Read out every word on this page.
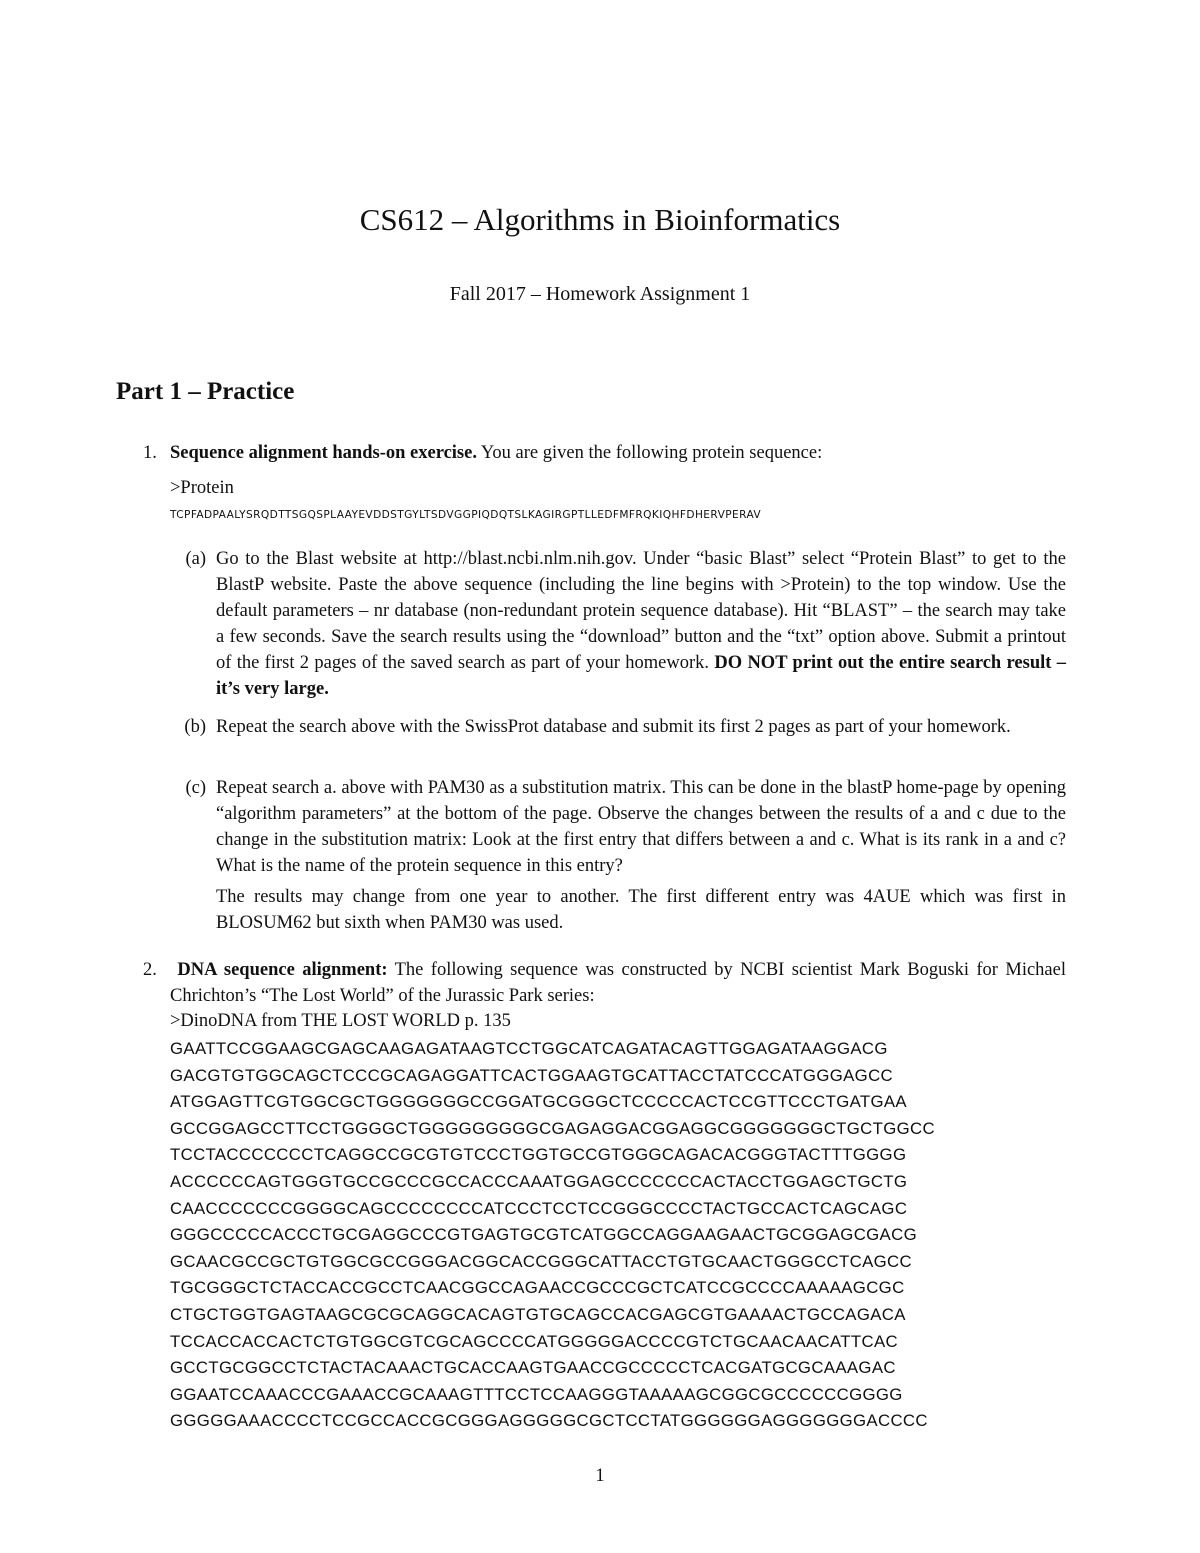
CS612 – Algorithms in Bioinformatics
Fall 2017 – Homework Assignment 1
Part 1 – Practice
1. Sequence alignment hands-on exercise. You are given the following protein sequence:
>Protein
TCPFADPAALYSRQDTTSGQSPLAAYEVDDSTGYLTSDVGGPIQDQTSLKAGIRGPTLLEDFMFRQKIQHFDHERVPERAV
(a) Go to the Blast website at http://blast.ncbi.nlm.nih.gov. Under “basic Blast” select “Protein Blast” to get to the BlastP website. Paste the above sequence (including the line begins with >Protein) to the top window. Use the default parameters – nr database (non-redundant protein sequence database). Hit “BLAST” – the search may take a few seconds. Save the search results using the “download” button and the “txt” option above. Submit a printout of the first 2 pages of the saved search as part of your homework. DO NOT print out the entire search result – it’s very large.
(b) Repeat the search above with the SwissProt database and submit its first 2 pages as part of your homework.
(c) Repeat search a. above with PAM30 as a substitution matrix. This can be done in the blastP home-page by opening “algorithm parameters” at the bottom of the page. Observe the changes between the results of a and c due to the change in the substitution matrix: Look at the first entry that differs between a and c. What is its rank in a and c? What is the name of the protein sequence in this entry?
The results may change from one year to another. The first different entry was 4AUE which was first in BLOSUM62 but sixth when PAM30 was used.
2.	DNA sequence alignment: The following sequence was constructed by NCBI scientist Mark Boguski for Michael Chrichton’s “The Lost World” of the Jurassic Park series:
>DinoDNA from THE LOST WORLD p. 135
GAATTCCGGAAGCGAGCAAGAGATAAGTCCTGGCATCAGATACAGTTGGAGATAAGGACG
GACGTGTGGCAGCTCCCGCAGAGGATTCACTGGAAGTGCATTACCTATCCCATGGGAGCC
ATGGAGTTCGTGGCGCTGGGGGGGCCGGATGCGGGCTCCCCCACTCCGTTCCCTGATGAA
GCCGGAGCCTTCCTGGGGCTGGGGGGGGGCGAGAGGACGGAGGCGGGGGGGCTGCTGGCC
TCCTACCCCCCCTCAGGCCGCGTGTCCCTGGTGCCGTGGGCAGACACGGGTACTTTGGGG
ACCCCCCAGTGGGTGCCGCCCGCCACCCAAATGGAGCCCCCCCACTACCTGGAGCTGCTG
CAACCCCCCCGGGGCAGCCCCCCCCATCCCTCCTCCGGGCCCCTACTGCCACTCAGCAGC
GGGCCCCCACCCTGCGAGGCCCGTGAGTGCGTCATGGCCAGGAAGAACTGCGGAGCGACG
GCAACGCCGCTGTGGCGCCGGGACGGCACCGGGCATTACCTGTGCAACTGGGCCTCAGCC
TGCGGGCTCTACCACCGCCTCAACGGCCAGAACCGCCCGCTCATCCGCCCCAAAAAGCGC
CTGCTGGTGAGTAAGCGCGCAGGCACAGTGTGCAGCCACGAGCGTGAAAACTGCCAGACA
TCCACCACCACTCTGTGGCGTCGCAGCCCCATGGGGGACCCCGTCTGCAACAACATTCAC
GCCTGCGGCCTCTACTACAAACTGCACCAAGTGAACCGCCCCCTCACGATGCGCAAAGAC
GGAATCCAAACCCGAAACCGCAAAGTTTCCTCCAAGGGTAAAAAGCGGCGCCCCCCGGGG
GGGGGAAACCCCTCCGCCACCGCGGGAGGGGGCGCTCCTATGGGGGGAGGGGGGGACCCC
1
